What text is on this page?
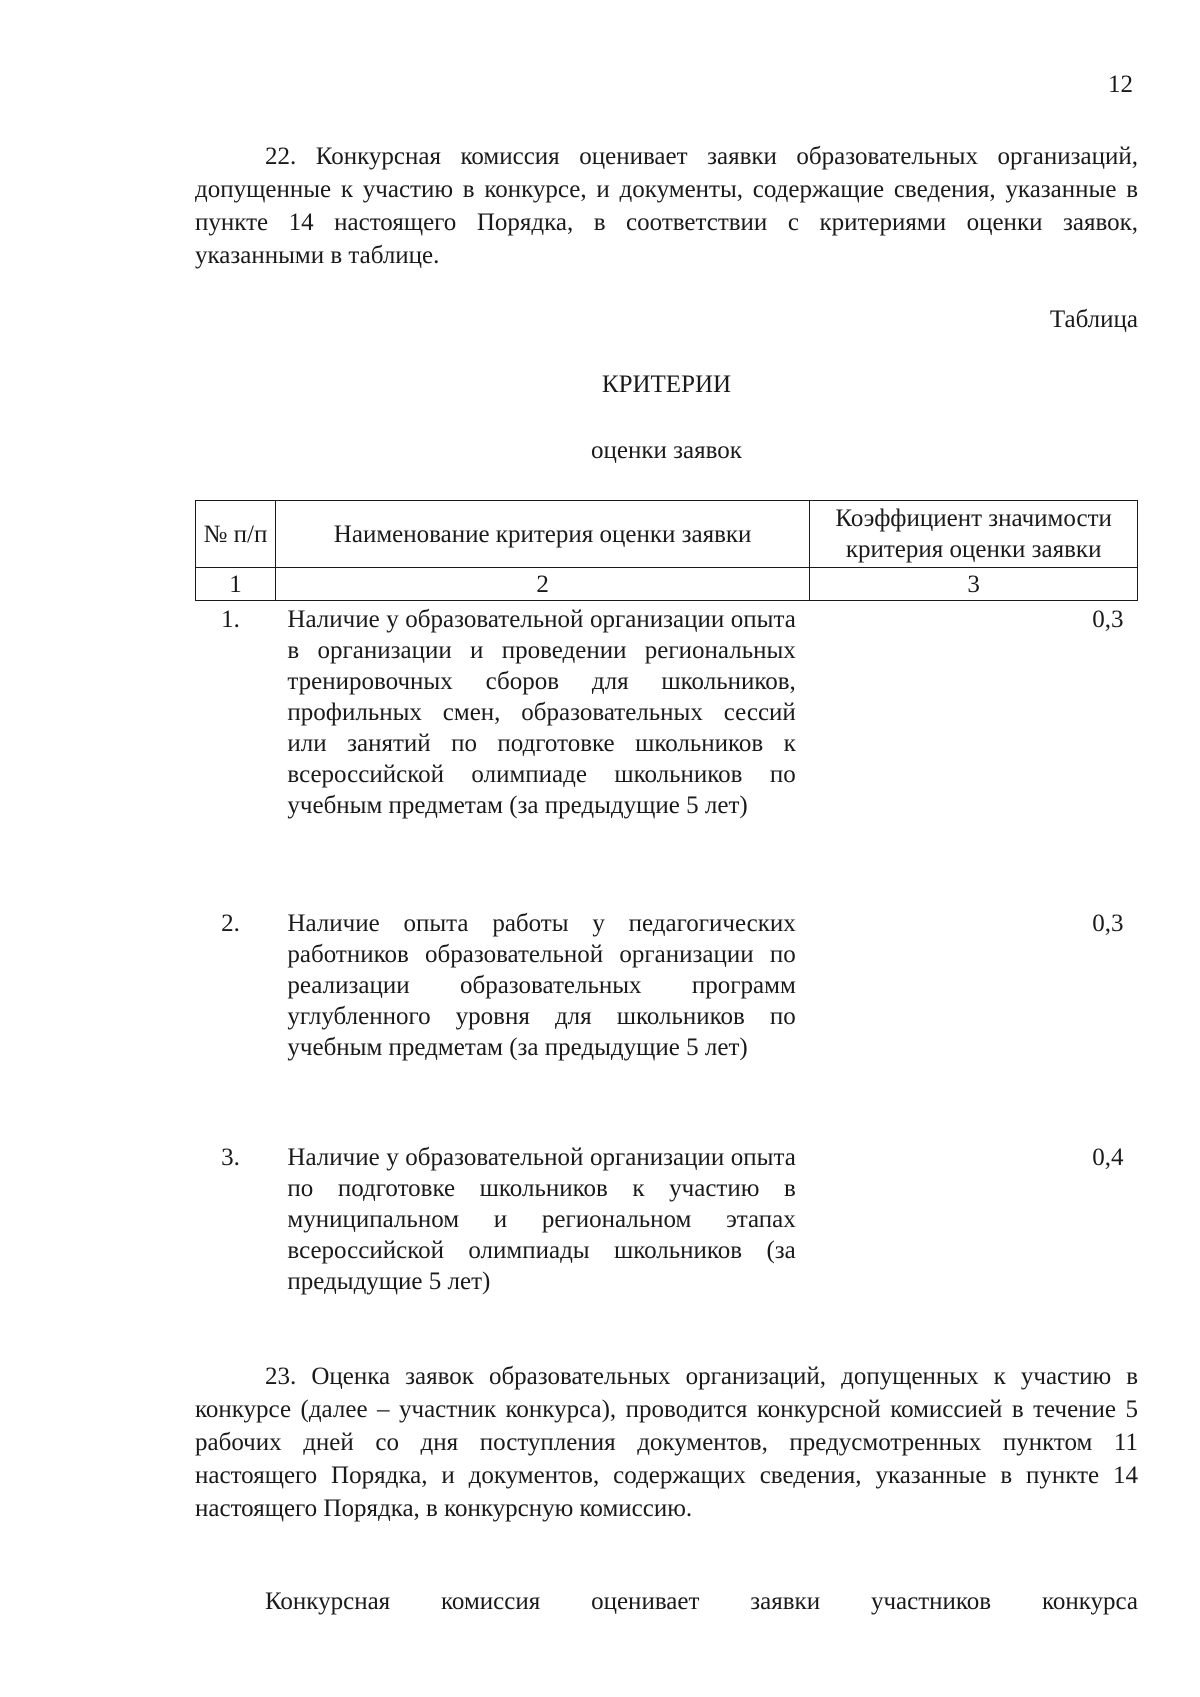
12

22. Конкурсная комиссия оценивает заявки образовательных организаций, допущенные к участию в конкурсе, и документы, содержащие сведения, указанные в пункте 14 настоящего Порядка, в соответствии с критериями оценки заявок, указанными в таблице.

Таблица
КРИТЕРИИ
оценки заявок
№ п/п	Наименование критерия оценки заявки	Коэффициент значимости критерия оценки заявки
1	2	3
1.	Наличие у образовательной организации опыта в организации и проведении региональных тренировочных сборов для школьников, профильных смен, образовательных сессий или занятий по подготовке школьников к всероссийской олимпиаде школьников по учебным предметам (за предыдущие 5 лет)	0,3
2.	Наличие опыта работы у педагогических работников образовательной организации по реализации образовательных программ углубленного уровня для школьников по учебным предметам (за предыдущие 5 лет)	0,3
3.	Наличие у образовательной организации опыта по подготовке школьников к участию в муниципальном и региональном этапах всероссийской олимпиады школьников (за предыдущие 5 лет)	0,4

23. Оценка заявок образовательных организаций, допущенных к участию в конкурсе (далее – участник конкурса), проводится конкурсной комиссией в течение 5 рабочих дней со дня поступления документов, предусмотренных пунктом 11 настоящего Порядка, и документов, содержащих сведения, указанные в пункте 14 настоящего Порядка, в конкурсную комиссию.

Конкурсная комиссия оценивает заявки участников конкурса
